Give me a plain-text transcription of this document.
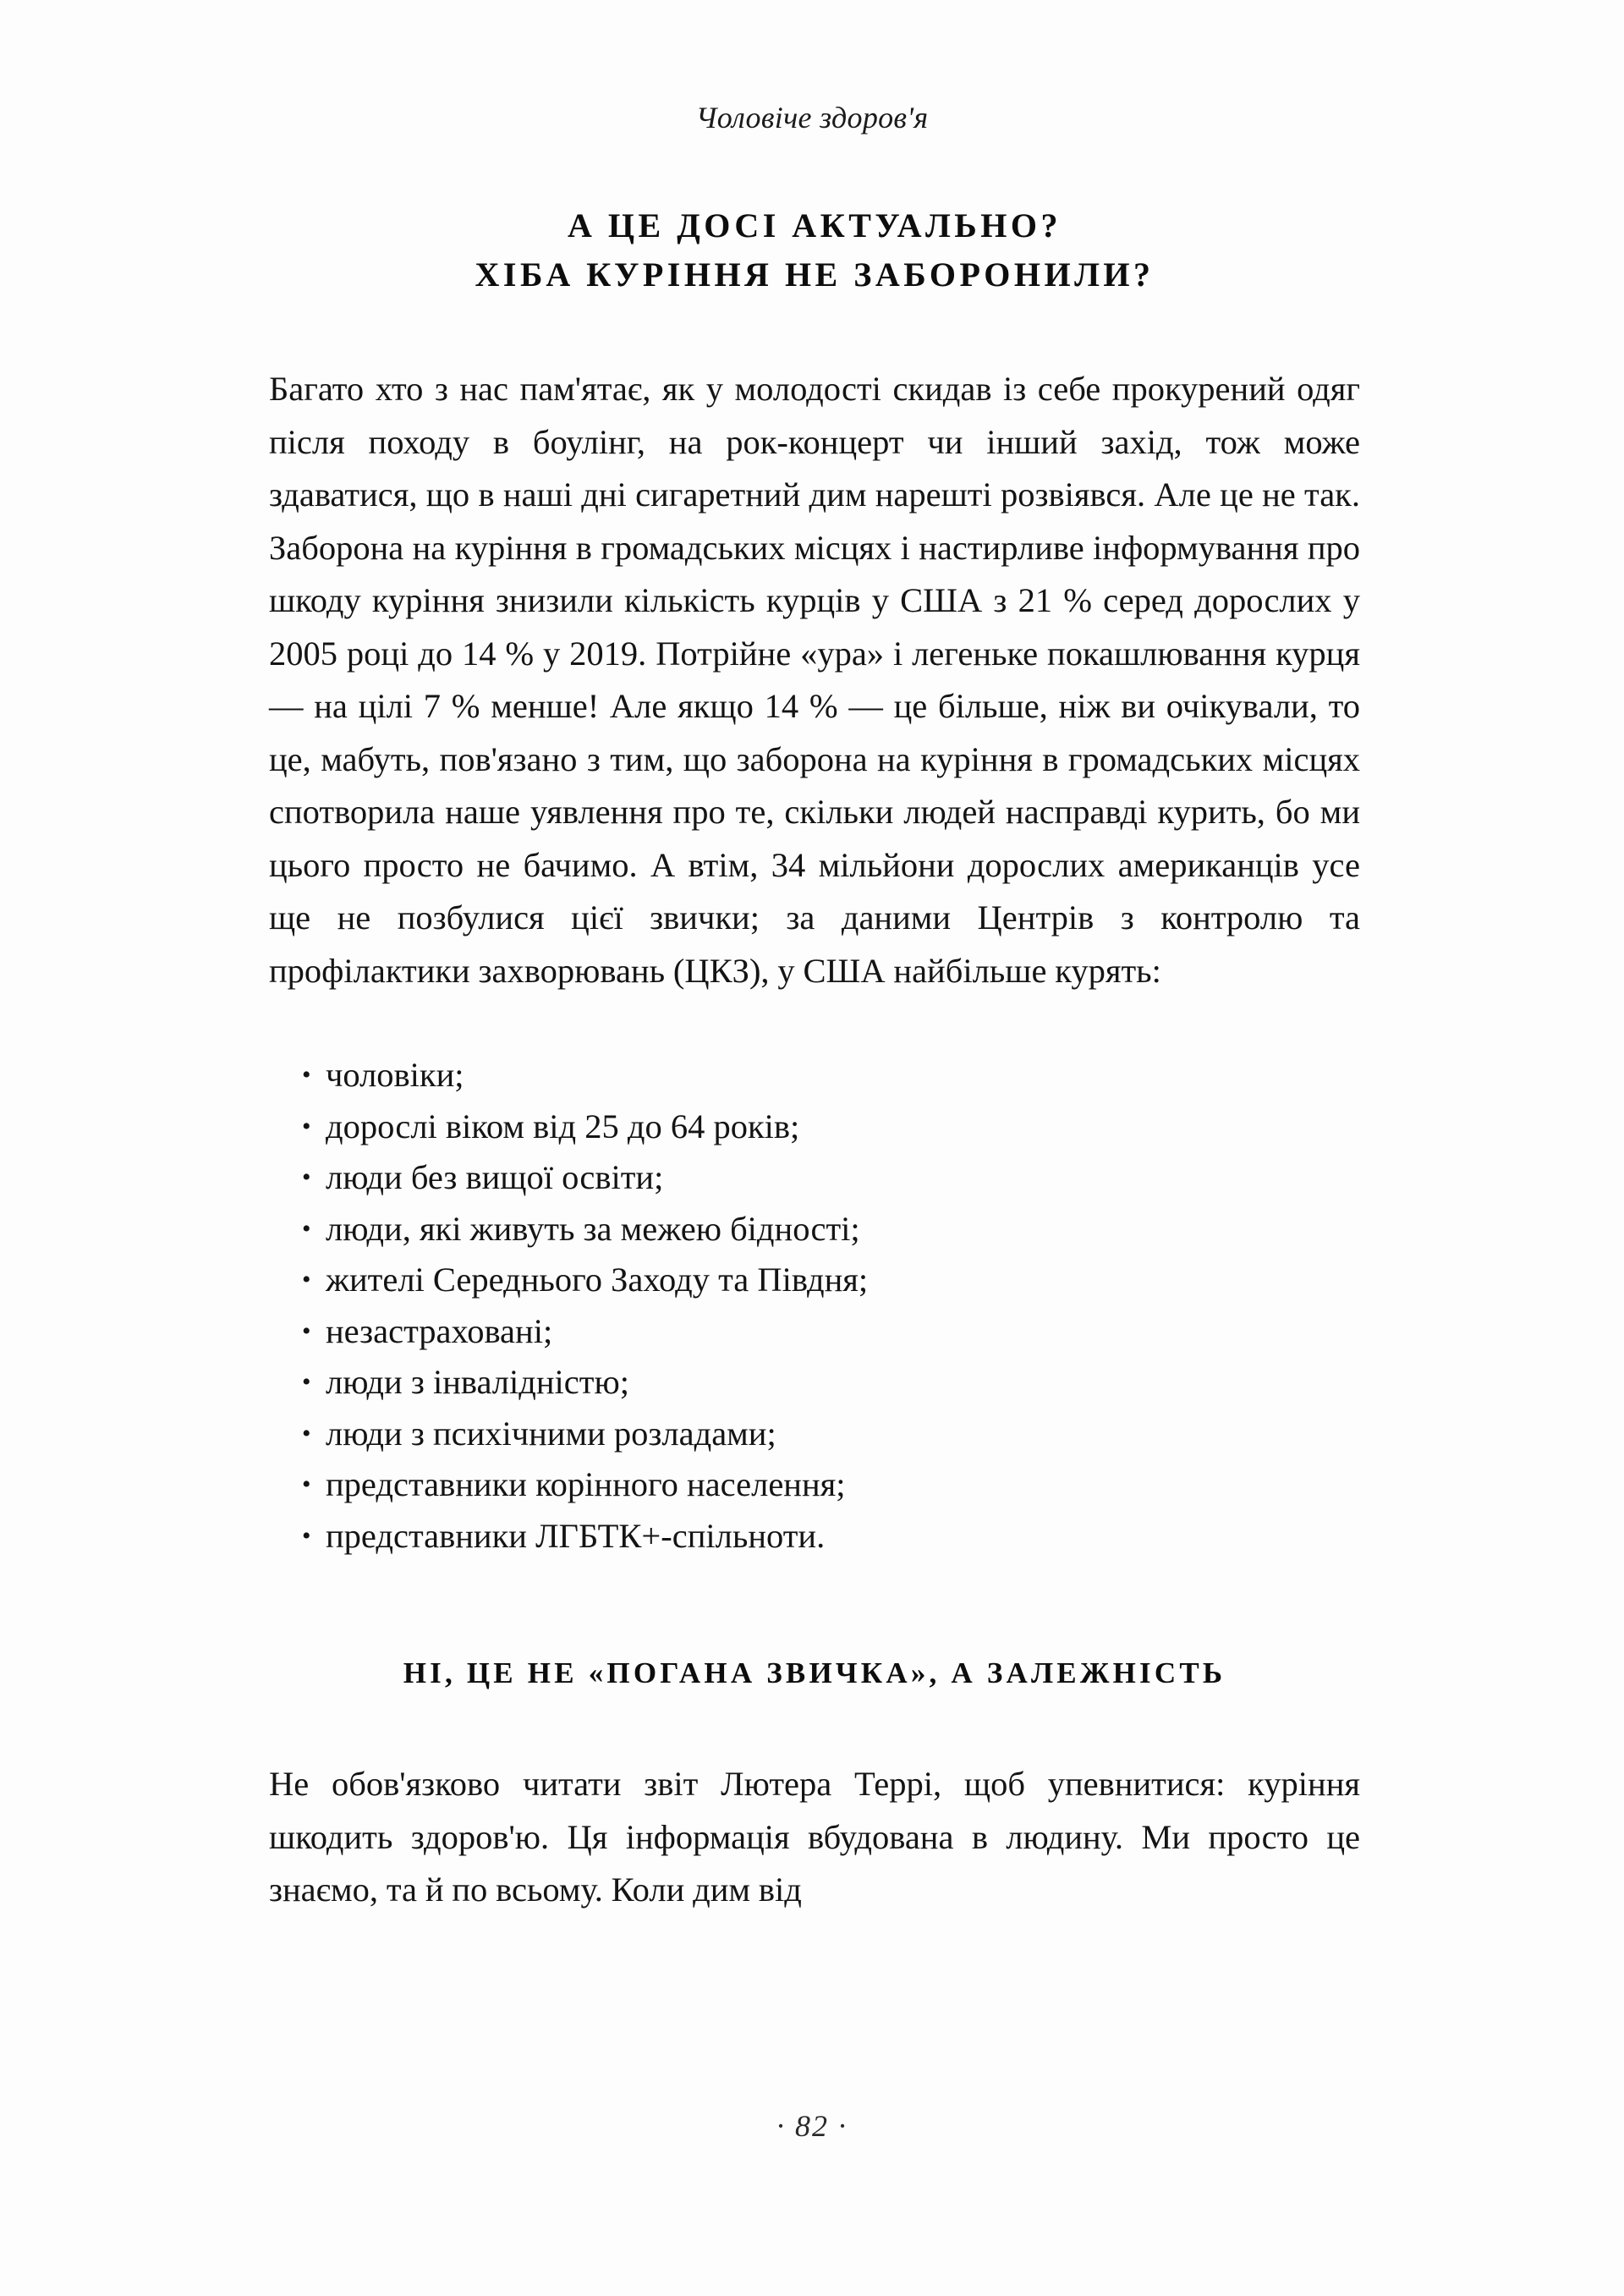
Чоловіче здоров'я
А ЦЕ ДОСІ АКТУАЛЬНО?
ХІБА КУРІННЯ НЕ ЗАБОРОНИЛИ?

Багато хто з нас пам'ятає, як у молодості скидав із себе прокурений одяг після походу в боулінг, на рок-концерт чи інший захід, тож може здаватися, що в наші дні сигаретний дим нарешті розвіявся. Але це не так. Заборона на куріння в громадських місцях і настирливе інформування про шкоду куріння знизили кількість курців у США з 21 % серед дорослих у 2005 році до 14 % у 2019. Потрійне «ура» і легеньке покашлювання курця — на цілі 7 % менше! Але якщо 14 % — це більше, ніж ви очікували, то це, мабуть, пов'язано з тим, що заборона на куріння в громадських місцях спотворила наше уявлення про те, скільки людей насправді курить, бо ми цього просто не бачимо. А втім, 34 мільйони дорослих американців усе ще не позбулися цієї звички; за даними Центрів з контролю та профілактики захворювань (ЦКЗ), у США найбільше курять:

• чоловіки;
• дорослі віком від 25 до 64 років;
• люди без вищої освіти;
• люди, які живуть за межею бідності;
• жителі Середнього Заходу та Півдня;
• незастраховані;
• люди з інвалідністю;
• люди з психічними розладами;
• представники корінного населення;
• представники ЛГБТК+-спільноти.
НІ, ЦЕ НЕ «ПОГАНА ЗВИЧКА», А ЗАЛЕЖНІСТЬ

Не обов'язково читати звіт Лютера Террі, щоб упевнитися: куріння шкодить здоров'ю. Ця інформація вбудована в людину. Ми просто це знаємо, та й по всьому. Коли дим від

· 82 ·
